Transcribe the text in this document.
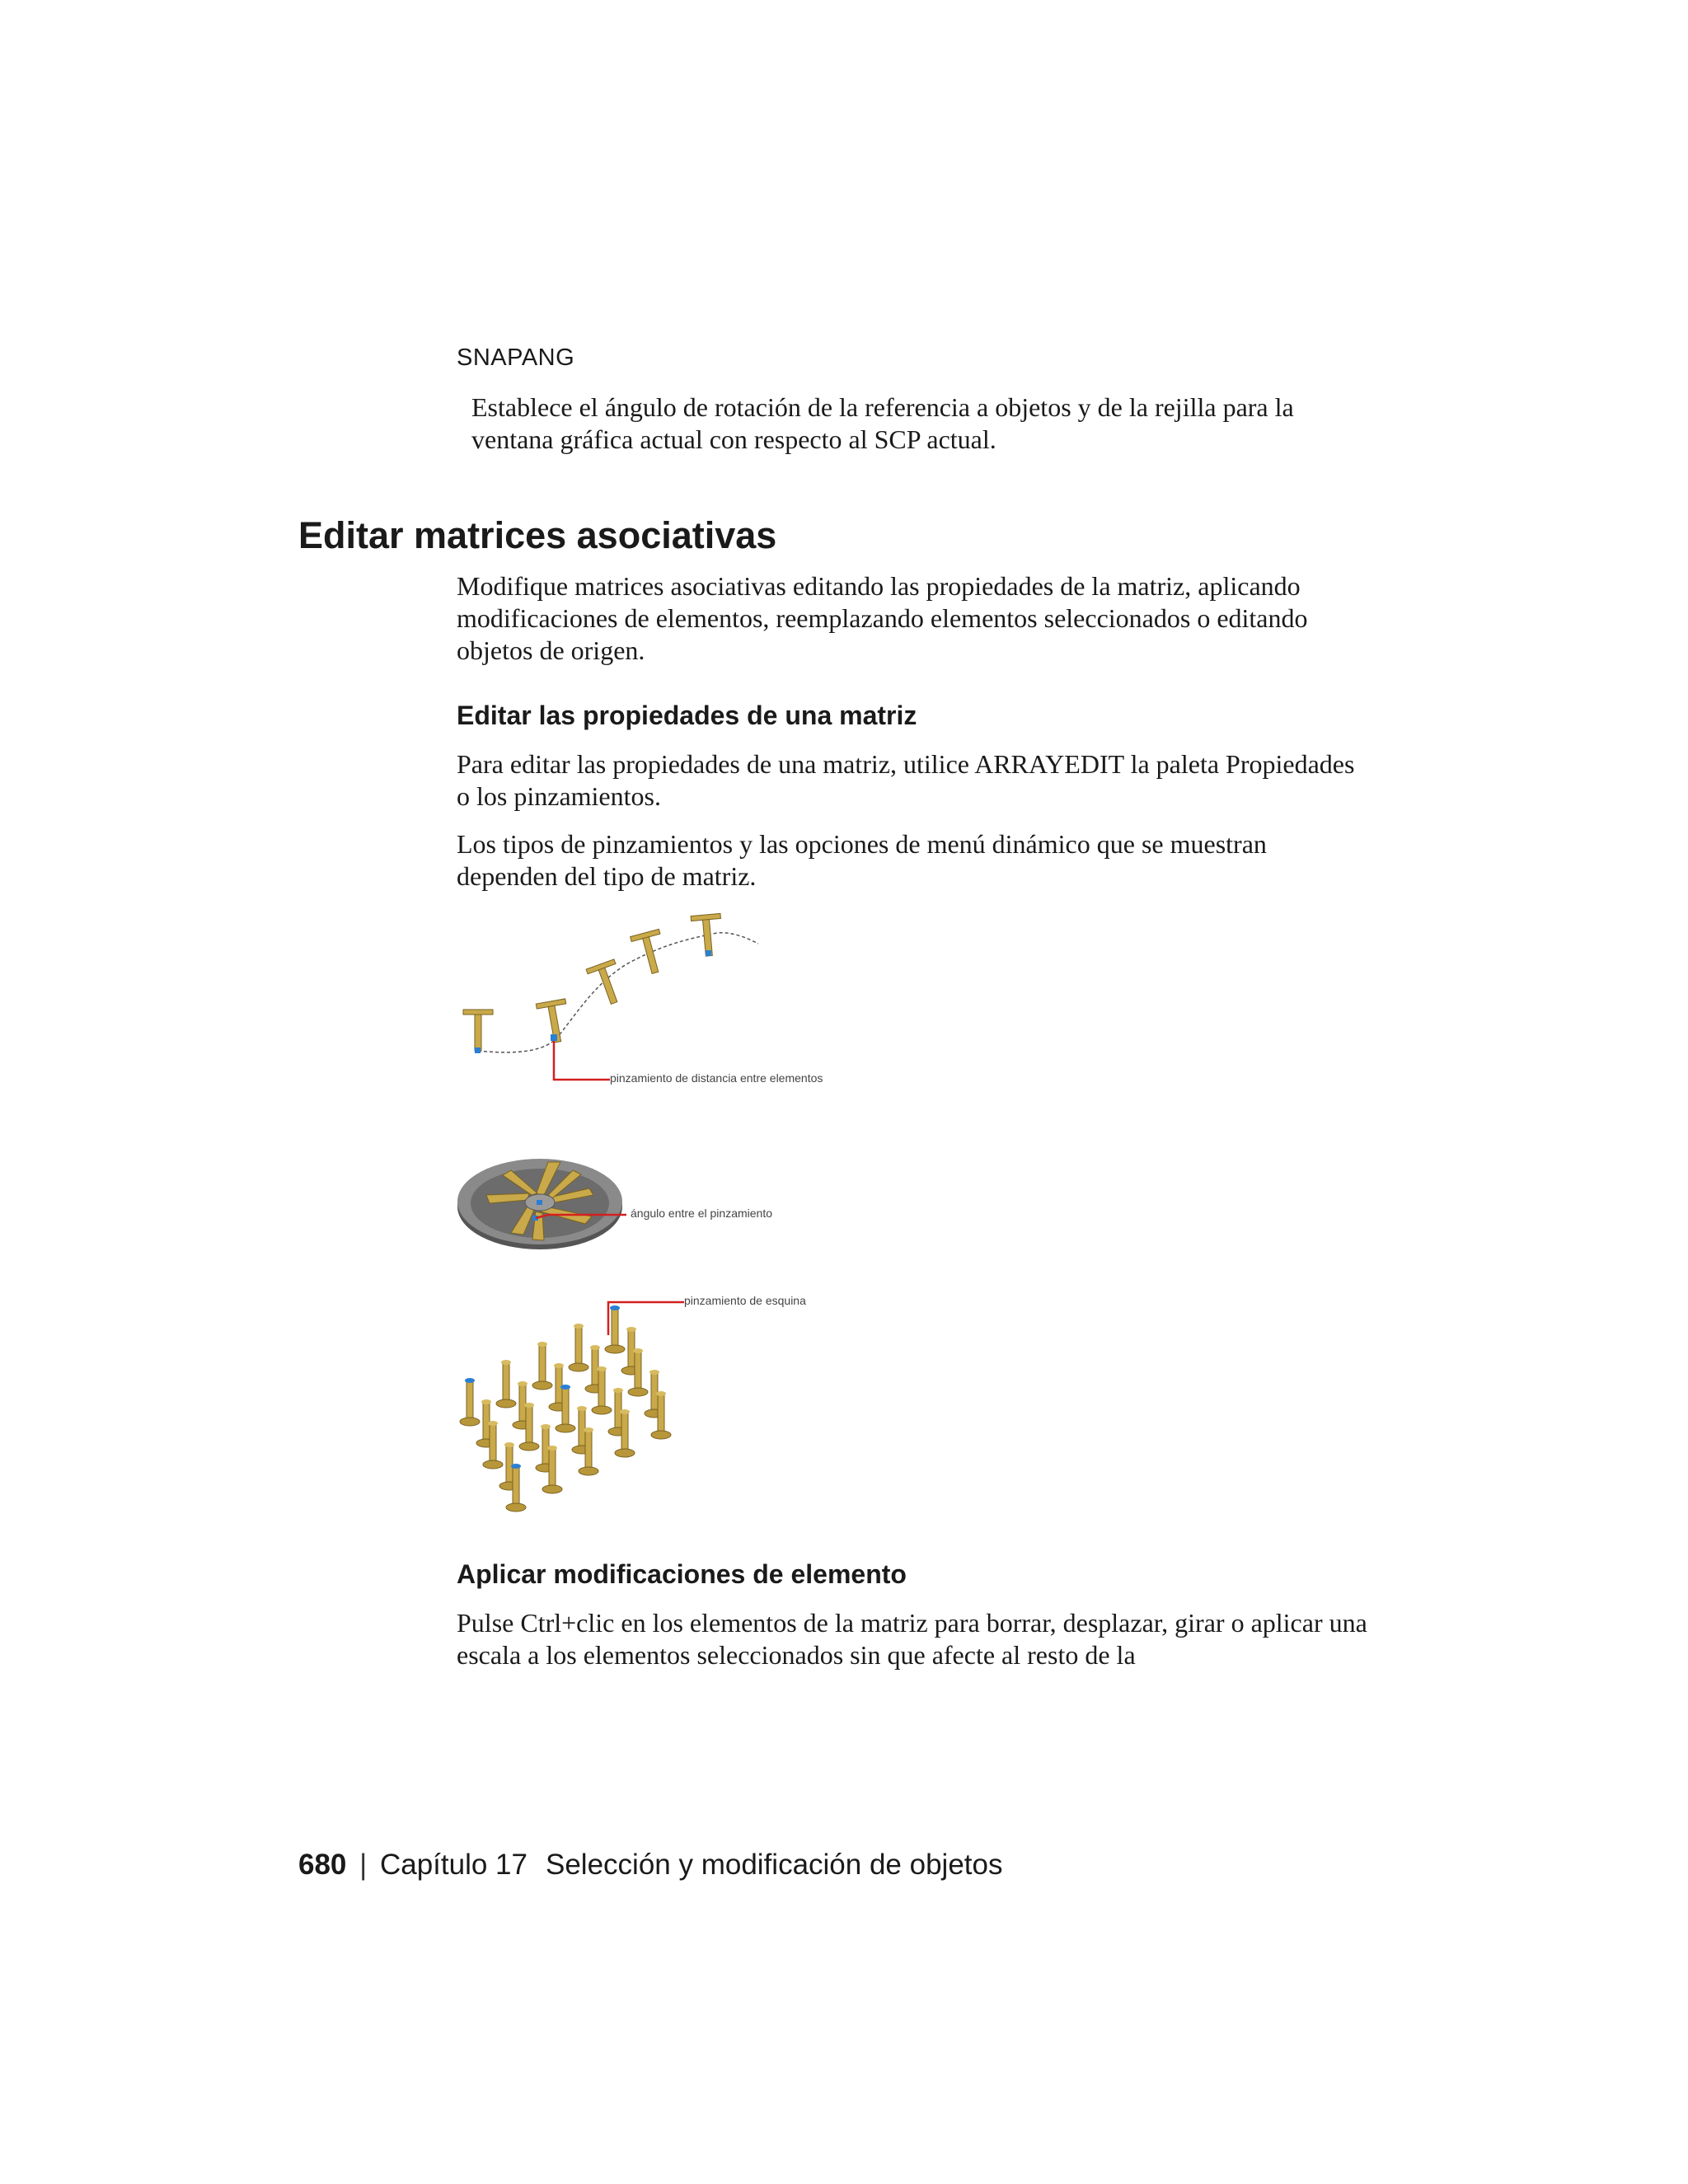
SNAPANG

Establece el ángulo de rotación de la referencia a objetos y de la rejilla para la ventana gráfica actual con respecto al SCP actual.

Editar matrices asociativas

Modifique matrices asociativas editando las propiedades de la matriz, aplicando modificaciones de elementos, reemplazando elementos seleccionados o editando objetos de origen.

Editar las propiedades de una matriz

Para editar las propiedades de una matriz, utilice ARRAYEDIT la paleta Propiedades o los pinzamientos.

Los tipos de pinzamientos y las opciones de menú dinámico que se muestran dependen del tipo de matriz.

pinzamiento de distancia entre elementos
ángulo entre el pinzamiento
pinzamiento de esquina
Aplicar modificaciones de elemento

Pulse Ctrl+clic en los elementos de la matriz para borrar, desplazar, girar o aplicar una escala a los elementos seleccionados sin que afecte al resto de la

680 | Capítulo 17 Selección y modificación de objetos
